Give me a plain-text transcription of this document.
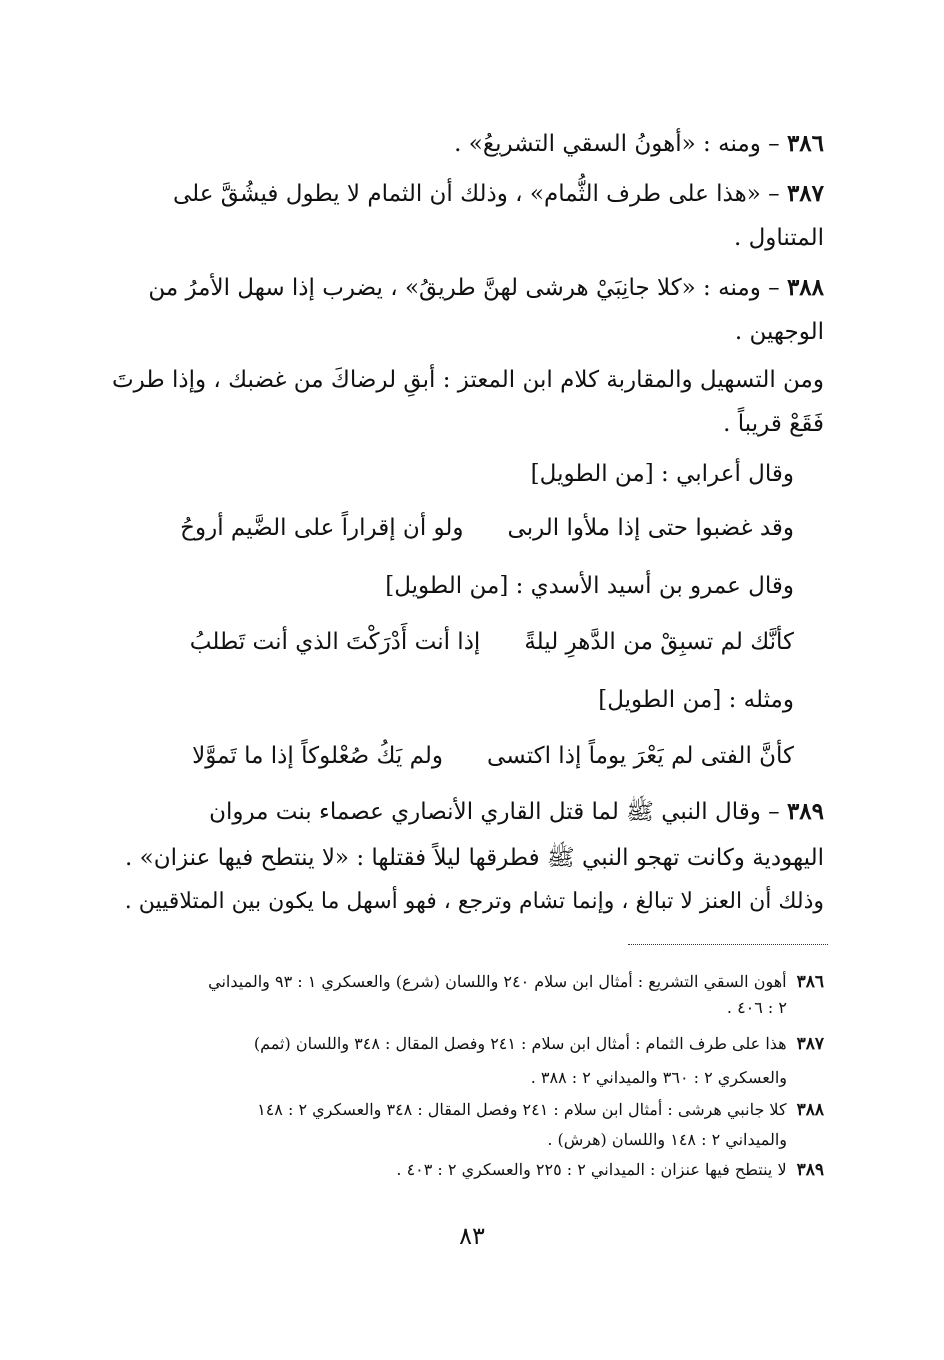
٣٨٦ – ومنه : «أهونُ السقي التشريعُ» .
٣٨٧ – «هذا على طرف الثُّمام» ، وذلك أن الثمام لا يطول فيشُقَّ على
المتناول .
٣٨٨ – ومنه : «كلا جانِبَيْ هرشى لهنَّ طريقُ» ، يضرب إذا سهل الأمرُ من
الوجهين .
ومن التسهيل والمقاربة كلام ابن المعتز : أبقِ لرضاكَ من غضبك ، وإذا طرتَ
فَقَعْ قريباً .
وقال أعرابي : [من الطويل]
وقد غضبوا حتى إذا ملأوا الربىولو أن إقراراً على الضَّيم أروحُ
وقال عمرو بن أسيد الأسدي : [من الطويل]
كأنَّك لم تسبِقْ من الدَّهرِ ليلةًإذا أنت أَدْرَكْتَ الذي أنت تَطلبُ
ومثله : [من الطويل]
كأنَّ الفتى لم يَعْرَ يوماً إذا اكتسىولم يَكُ صُعْلوكاً إذا ما تَموَّلا
٣٨٩ – وقال النبي ﷺ لما قتل القاري الأنصاري عصماء بنت مروان
اليهودية وكانت تهجو النبي ﷺ فطرقها ليلاً فقتلها : «لا ينتطح فيها عنزان» .
وذلك أن العنز لا تبالغ ، وإنما تشام وترجع ، فهو أسهل ما يكون بين المتلاقيين .
٣٨٦أهون السقي التشريع : أمثال ابن سلام ٢٤٠ واللسان (شرع) والعسكري ١ : ٩٣ والميداني
٢ : ٤٠٦ .
٣٨٧هذا على طرف الثمام : أمثال ابن سلام : ٢٤١ وفصل المقال : ٣٤٨ واللسان (ثمم)
والعسكري ٢ : ٣٦٠ والميداني ٢ : ٣٨٨ .
٣٨٨كلا جانبي هرشى : أمثال ابن سلام : ٢٤١ وفصل المقال : ٣٤٨ والعسكري ٢ : ١٤٨
والميداني ٢ : ١٤٨ واللسان (هرش) .
٣٨٩لا ينتطح فيها عنزان : الميداني ٢ : ٢٢٥ والعسكري ٢ : ٤٠٣ .
٨٣
